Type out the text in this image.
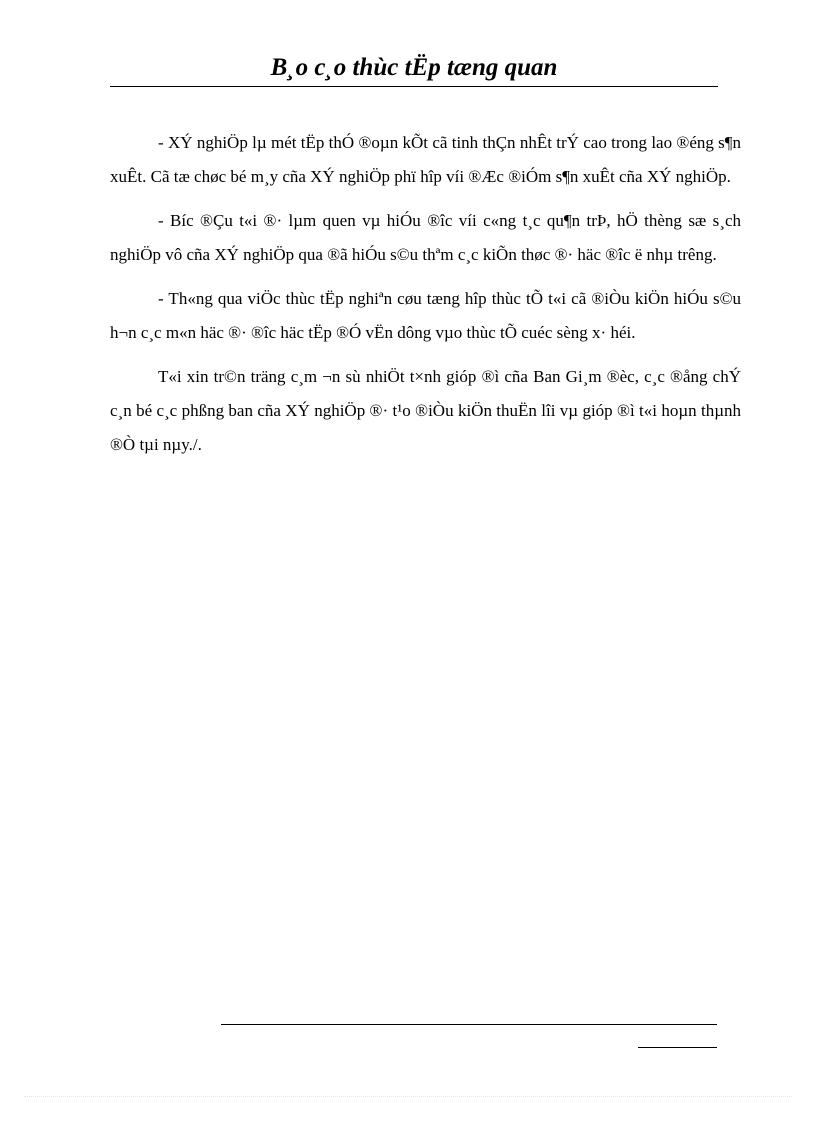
B¸o c¸o thùc tËp tæng quan

- XÝ nghiÖp lµ mét tËp thÓ ®oµn kÕt cã tinh thÇn nhÊt trÝ cao trong lao ®éng s¶n xuÊt. Cã tæ chøc bé m¸y cña XÝ nghiÖp phï hîp víi ®Æc ®iÓm s¶n xuÊt cña XÝ nghiÖp.

- Bíc ®Çu t«i ®· lµm quen vµ hiÓu ®îc víi c«ng t¸c qu¶n trÞ, hÖ thèng sæ s¸ch nghiÖp vô cña XÝ nghiÖp qua ®ã hiÓu s©u thªm c¸c kiÕn thøc ®· häc ®îc ë nhµ trêng.

- Th«ng qua viÖc thùc tËp nghiªn cøu tæng hîp thùc tÕ t«i cã ®iÒu kiÖn hiÓu s©u h¬n c¸c m«n häc ®· ®îc häc tËp ®Ó vËn dông vµo thùc tÕ cuéc sèng x· héi.

T«i xin tr©n träng c¸m ¬n sù nhiÖt t×nh gióp ®ì cña Ban Gi¸m ®èc, c¸c ®ång chÝ c¸n bé c¸c phßng ban cña XÝ nghiÖp ®· t¹o ®iÒu kiÖn thuËn lîi vµ gióp ®ì t«i hoµn thµnh ®Ò tµi nµy./.
